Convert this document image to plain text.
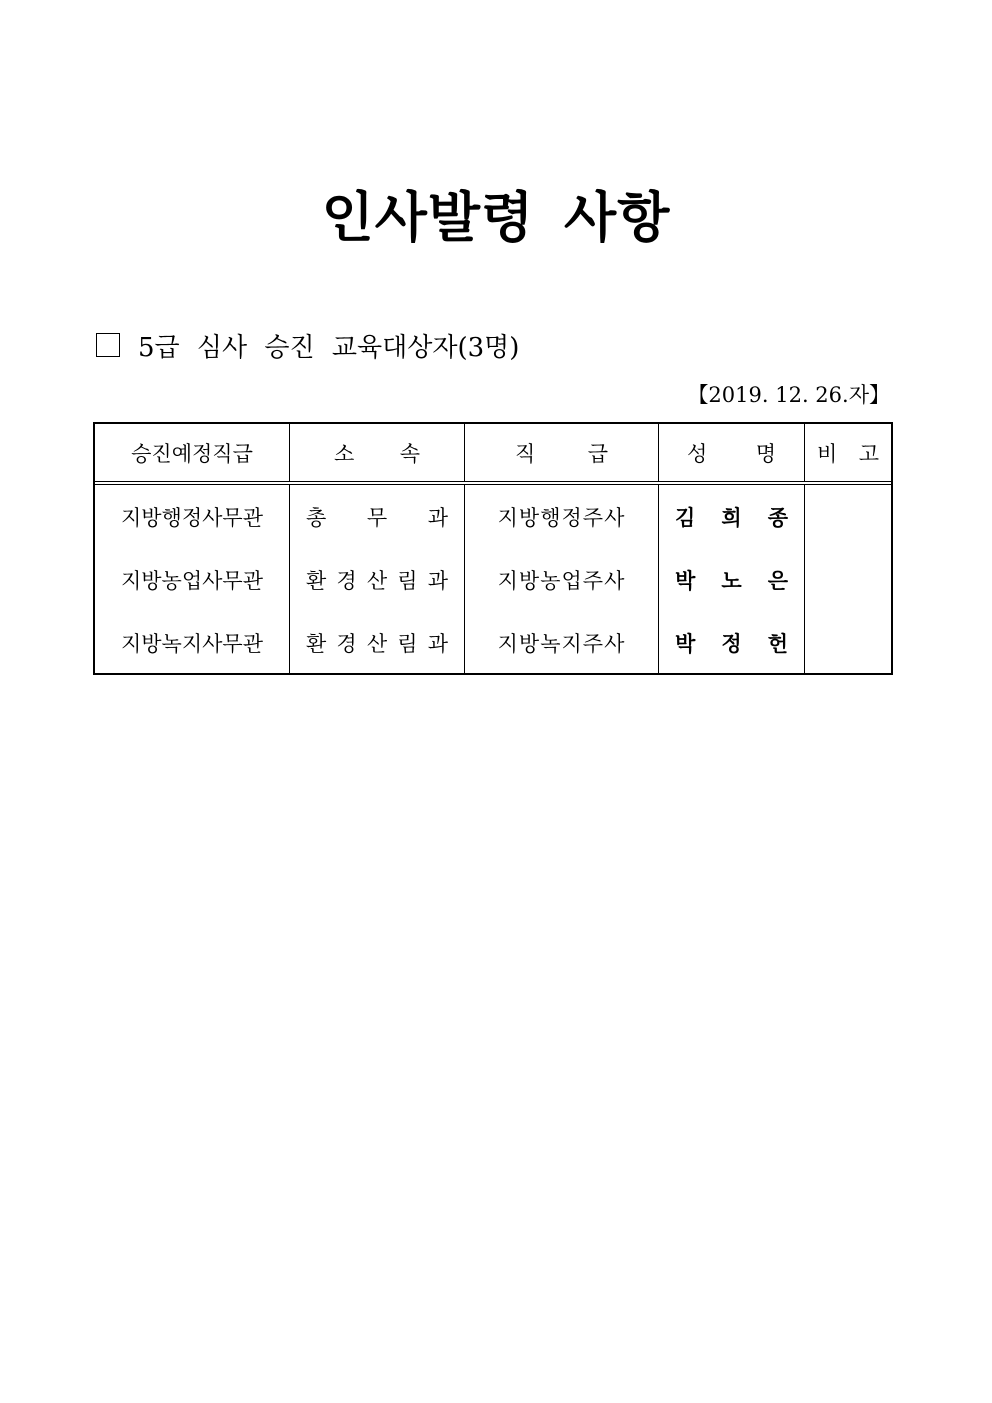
인사발령 사항
5급 심사 승진 교육대상자(3명)
【2019. 12. 26.자】
승진예정직급	소 속	직 급	성 명	비 고

지방행정사무관	총 무 과	지방행정주사	김 희 종	

지방농업사무관	환 경 산 림 과	지방농업주사	박 노 은	

지방녹지사무관	환 경 산 림 과	지방녹지주사	박 정 헌	
